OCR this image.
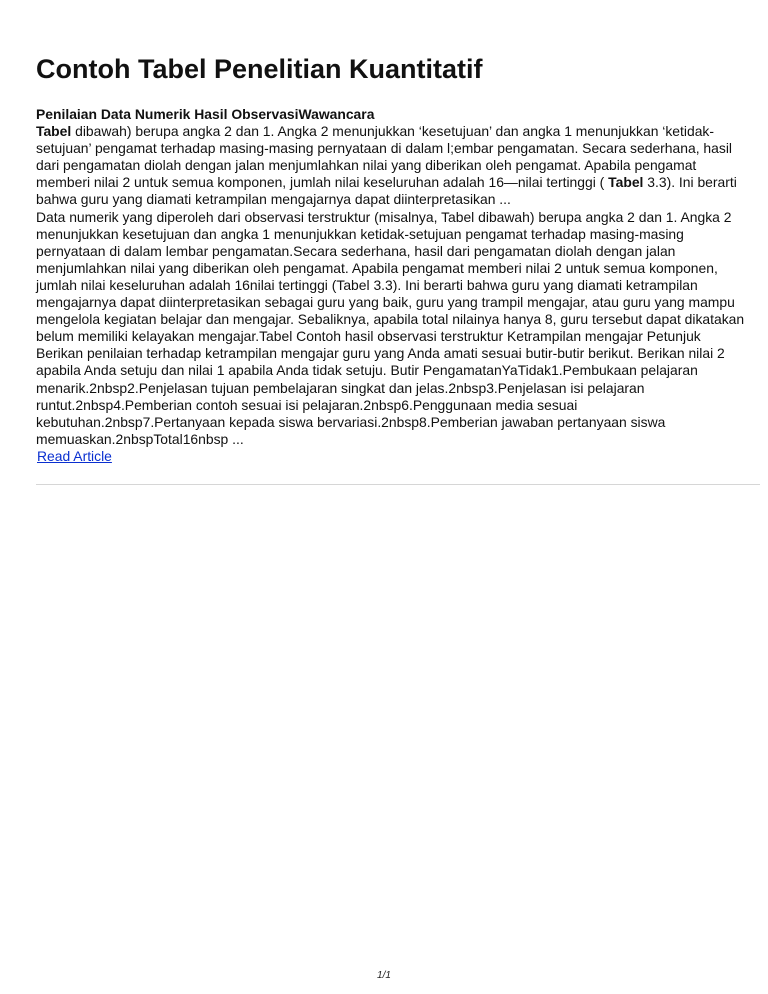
Contoh Tabel Penelitian Kuantitatif
Penilaian Data Numerik Hasil ObservasiWawancara

Tabel dibawah) berupa angka 2 dan 1. Angka 2 menunjukkan ‘kesetujuan’ dan angka 1 menunjukkan ‘ketidak-setujuan’ pengamat terhadap masing-masing pernyataan di dalam l;embar pengamatan. Secara sederhana, hasil dari pengamatan diolah dengan jalan menjumlahkan nilai yang diberikan oleh pengamat. Apabila pengamat memberi nilai 2 untuk semua komponen, jumlah nilai keseluruhan adalah 16—nilai tertinggi ( Tabel 3.3). Ini berarti bahwa guru yang diamati ketrampilan mengajarnya dapat diinterpretasikan ...

Data numerik yang diperoleh dari observasi terstruktur (misalnya, Tabel dibawah) berupa angka 2 dan 1. Angka 2 menunjukkan kesetujuan dan angka 1 menunjukkan ketidak-setujuan pengamat terhadap masing-masing pernyataan di dalam lembar pengamatan.Secara sederhana, hasil dari pengamatan diolah dengan jalan menjumlahkan nilai yang diberikan oleh pengamat. Apabila pengamat memberi nilai 2 untuk semua komponen, jumlah nilai keseluruhan adalah 16nilai tertinggi (Tabel 3.3). Ini berarti bahwa guru yang diamati ketrampilan mengajarnya dapat diinterpretasikan sebagai guru yang baik, guru yang trampil mengajar, atau guru yang mampu mengelola kegiatan belajar dan mengajar. Sebaliknya, apabila total nilainya hanya 8, guru tersebut dapat dikatakan belum memiliki kelayakan mengajar.Tabel Contoh hasil observasi terstruktur Ketrampilan mengajar Petunjuk Berikan penilaian terhadap ketrampilan mengajar guru yang Anda amati sesuai butir-butir berikut. Berikan nilai 2 apabila Anda setuju dan nilai 1 apabila Anda tidak setuju. Butir PengamatanYaTidak1.Pembukaan pelajaran menarik.2nbsp2.Penjelasan tujuan pembelajaran singkat dan jelas.2nbsp3.Penjelasan isi pelajaran runtut.2nbsp4.Pemberian contoh sesuai isi pelajaran.2nbsp6.Penggunaan media sesuai kebutuhan.2nbsp7.Pertanyaan kepada siswa bervariasi.2nbsp8.Pemberian jawaban pertanyaan siswa memuaskan.2nbspTotal16nbsp ...

Read Article
1/1
